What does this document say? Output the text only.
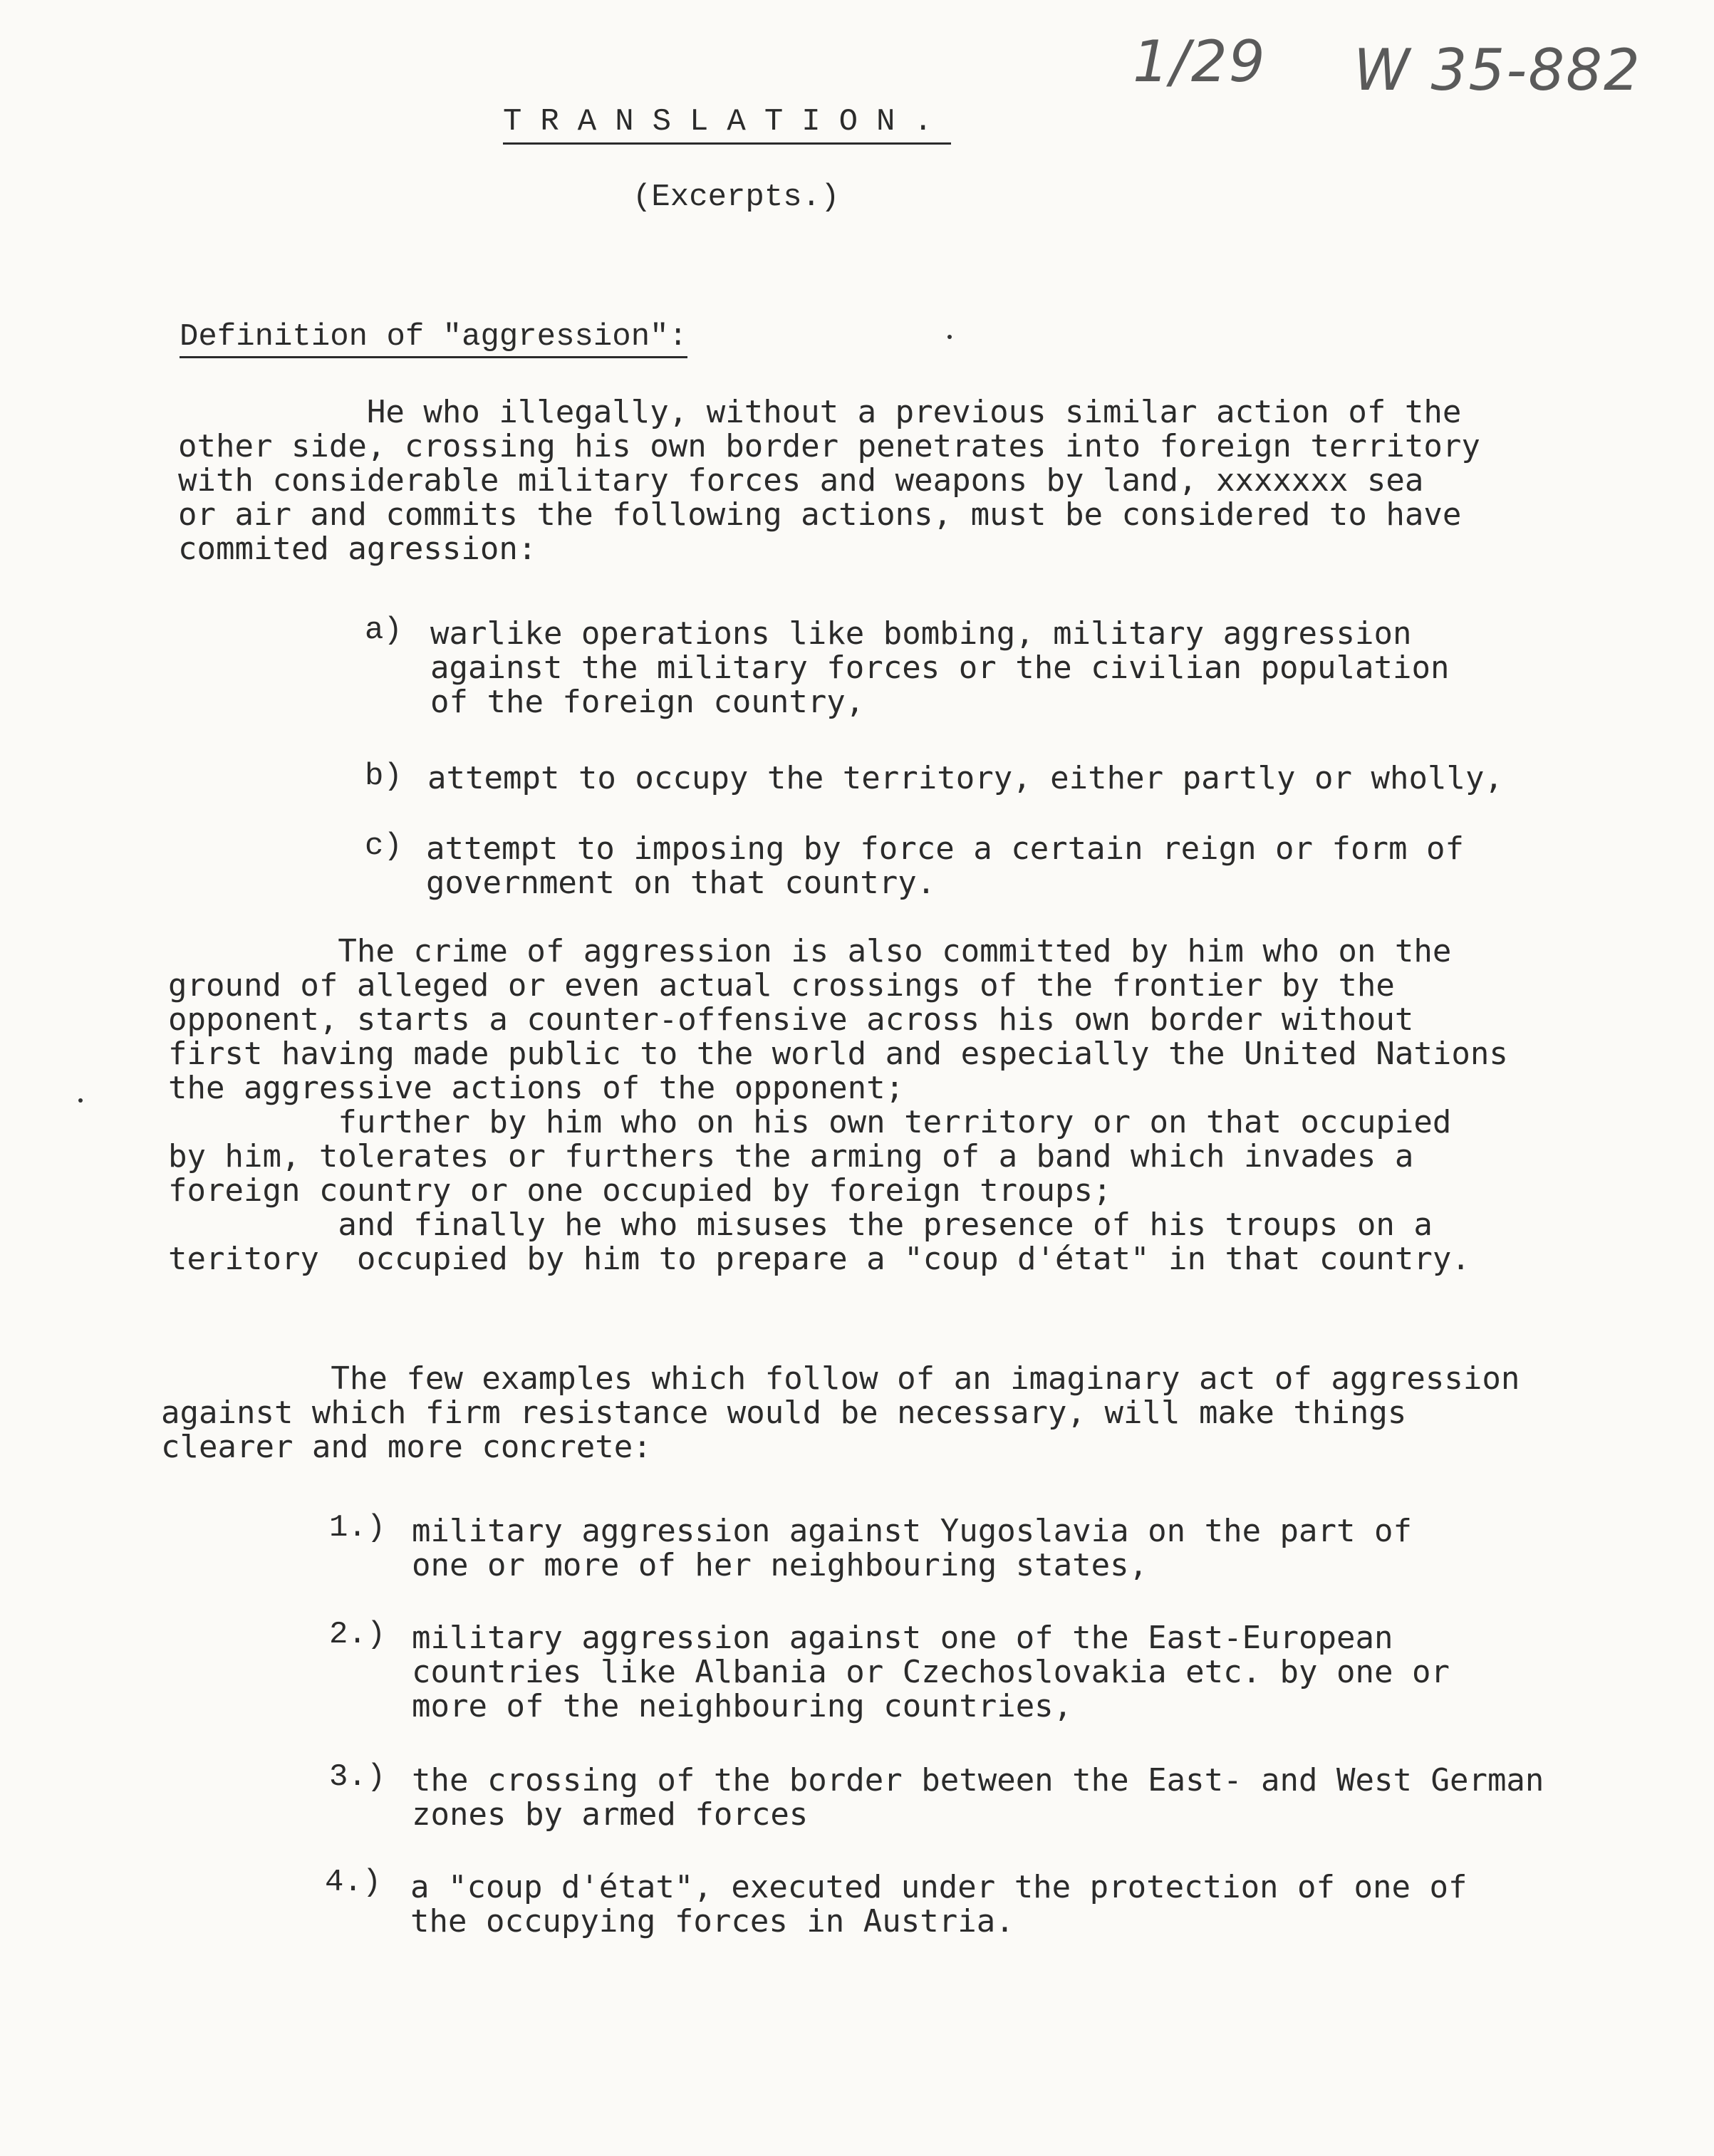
1/29 W 35-882
TRANSLATION.
(Excerpts.)
Definition of "aggression":
He who illegally, without a previous similar action of the
other side, crossing his own border penetrates into foreign territory
with considerable military forces and weapons by land, xxxxxxx sea
or air and commits the following actions, must be considered to have
commited agression:
a) warlike operations like bombing, military aggression
against the military forces or the civilian population
of the foreign country,
b) attempt to occupy the territory, either partly or wholly,
c) attempt to imposing by force a certain reign or form of
government on that country.
The crime of aggression is also committed by him who on the
ground of alleged or even actual crossings of the frontier by the
opponent, starts a counter-offensive across his own border without
first having made public to the world and especially the United Nations
the aggressive actions of the opponent;
further by him who on his own territory or on that occupied
by him, tolerates or furthers the arming of a band which invades a
foreign country or one occupied by foreign troups;
and finally he who misuses the presence of his troups on a
teritory  occupied by him to prepare a "coup d'état" in that country.
The few examples which follow of an imaginary act of aggression
against which firm resistance would be necessary, will make things
clearer and more concrete:
1.) military aggression against Yugoslavia on the part of
one or more of her neighbouring states,
2.) military aggression against one of the East-European
countries like Albania or Czechoslovakia etc. by one or
more of the neighbouring countries,
3.) the crossing of the border between the East- and West German
zones by armed forces
4.) a "coup d'état", executed under the protection of one of
the occupying forces in Austria.
